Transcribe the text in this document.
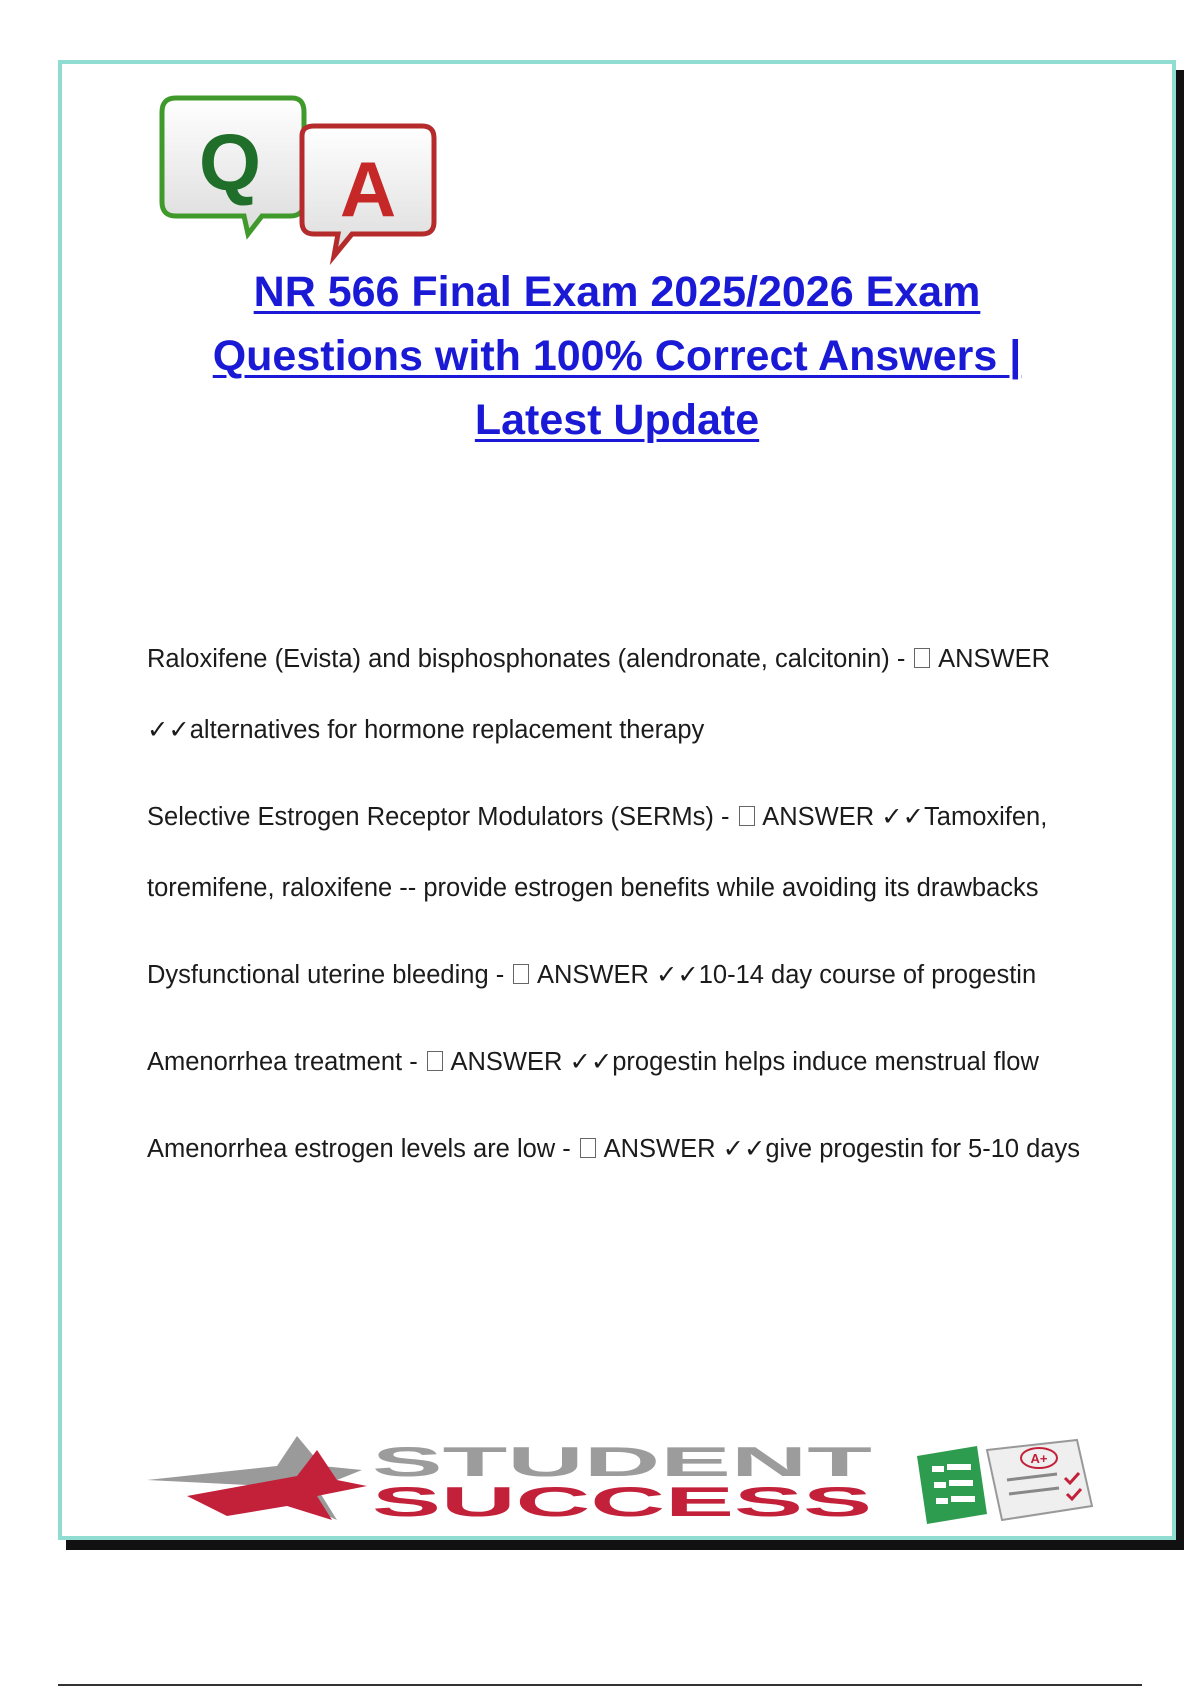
Q A
NR 566 Final Exam 2025/2026 Exam
Questions with 100% Correct Answers |
Latest Update

Raloxifene (Evista) and bisphosphonates (alendronate, calcitonin) -  ANSWER ✓✓alternatives for hormone replacement therapy

Selective Estrogen Receptor Modulators (SERMs) -  ANSWER ✓✓Tamoxifen, toremifene, raloxifene -- provide estrogen benefits while avoiding its drawbacks

Dysfunctional uterine bleeding -  ANSWER ✓✓10-14 day course of progestin

Amenorrhea treatment -  ANSWER ✓✓progestin helps induce menstrual flow

Amenorrhea estrogen levels are low -  ANSWER ✓✓give progestin for 5-10 days

STUDENT
SUCCESS
A+
